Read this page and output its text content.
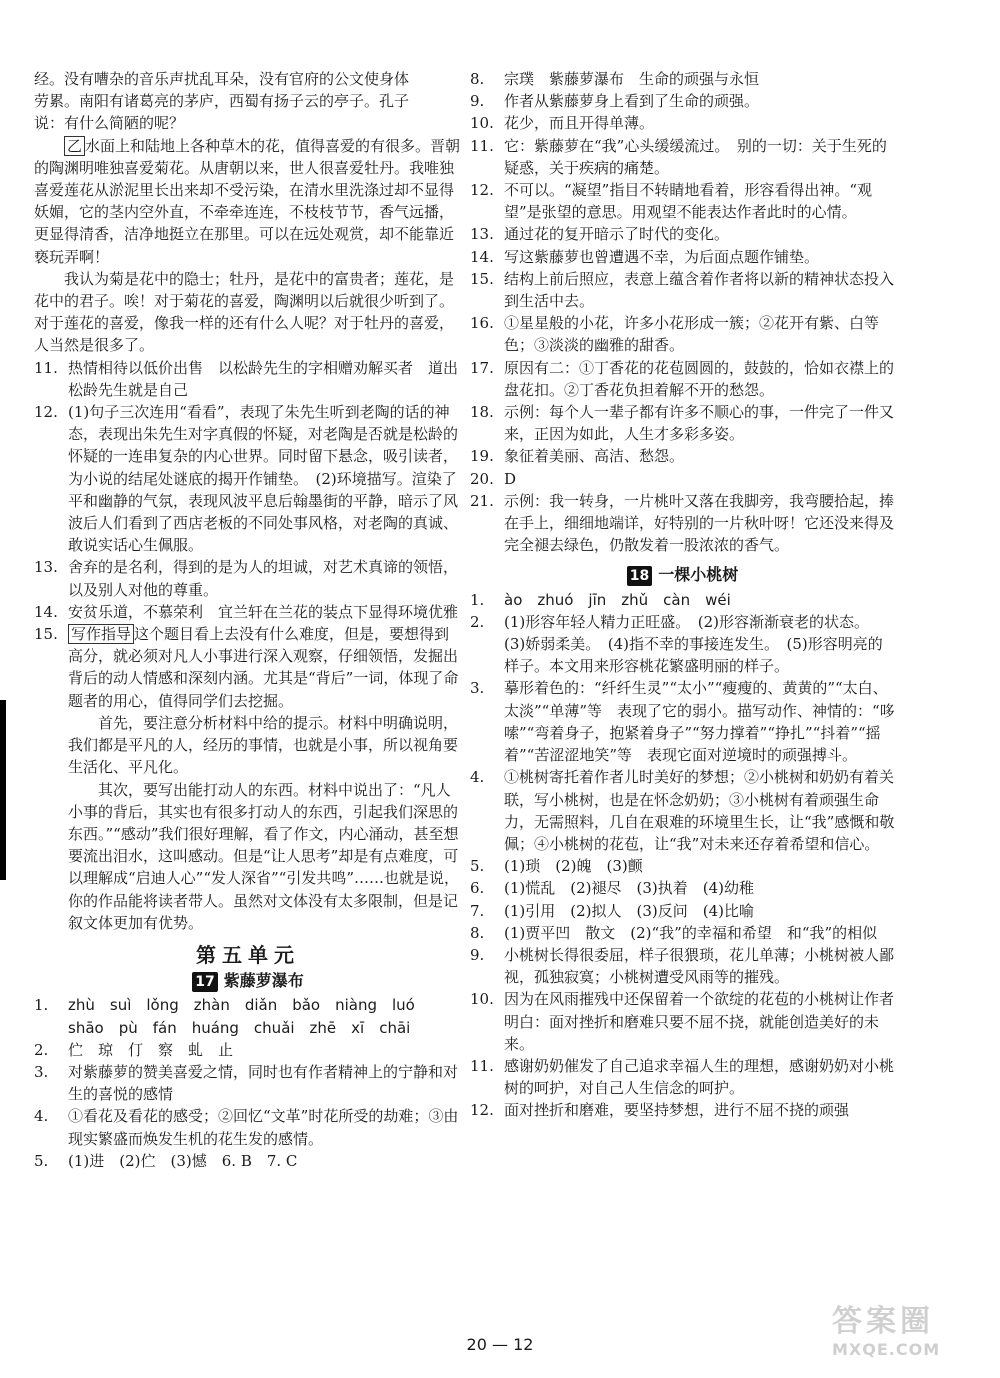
经。没有嘈杂的音乐声扰乱耳朵，没有官府的公文使身体

劳累。南阳有诸葛亮的茅庐，西蜀有扬子云的亭子。孔子

说：有什么简陋的呢？

乙 水面上和陆地上各种草木的花，值得喜爱的有很多。晋朝的陶渊明唯独喜爱菊花。从唐朝以来，世人很喜爱牡丹。我唯独喜爱莲花从淤泥里长出来却不受污染，在清水里洗涤过却不显得妖媚，它的茎内空外直，不牵牵连连，不枝枝节节，香气远播，更显得清香，洁净地挺立在那里。可以在远处观赏，却不能靠近亵玩弄啊！

我认为菊是花中的隐士；牡丹，是花中的富贵者；莲花，是花中的君子。唉！对于菊花的喜爱，陶渊明以后就很少听到了。对于莲花的喜爱，像我一样的还有什么人呢？对于牡丹的喜爱，人当然是很多了。

11. 热情相待以低价出售　以松龄先生的字相赠劝解买者　道出松龄先生就是自己
12. (1)句子三次连用“看看”，表现了朱先生听到老陶的话的神态，表现出朱先生对字真假的怀疑，对老陶是否就是松龄的怀疑的一连串复杂的内心世界。同时留下悬念，吸引读者，为小说的结尾处谜底的揭开作铺垫。　(2)环境描写。渲染了平和幽静的气氛，表现风波平息后翰墨街的平静，暗示了风波后人们看到了西店老板的不同处事风格，对老陶的真诚、敢说实话心生佩服。
13. 舍弃的是名利，得到的是为人的坦诚，对艺术真谛的领悟，以及别人对他的尊重。
14. 安贫乐道，不慕荣利　宜兰轩在兰花的装点下显得环境优雅
15. 写作指导 这个题目看上去没有什么难度，但是，要想得到高分，就必须对凡人小事进行深入观察，仔细领悟，发掘出背后的动人情感和深刻内涵。尤其是“背后”一词，体现了命题者的用心，值得同学们去挖掘。
首先，要注意分析材料中给的提示。材料中明确说明，我们都是平凡的人，经历的事情，也就是小事，所以视角要生活化、平凡化。
其次，要写出能打动人的东西。材料中说出了：“凡人小事的背后，其实也有很多打动人的东西，引起我们深思的东西。”“感动”我们很好理解，看了作文，内心涌动，甚至想要流出泪水，这叫感动。但是“让人思考”却是有点难度，可以理解成“启迪人心”“发人深省”“引发共鸣”……也就是说，你的作品能将读者带人。虽然对文体没有太多限制，但是记叙文体更加有优势。
第五单元
17 紫藤萝瀑布
1.	zhù　suì　lǒng　zhàn　diǎn　bǎo　niàng　luó
shāo　pù　fán　huáng　chuǎi　zhē　xī　chāi
2.	伫　琼　仃　察　虬　止
3.	对紫藤萝的赞美喜爱之情，同时也有作者精神上的宁静和对生的喜悦的感情
4.	①看花及看花的感受；②回忆“文革”时花所受的劫难；③由现实繁盛而焕发生机的花生发的感情。
5.	(1)进　(2)伫　(3)憾　6. B　7. C
8.	宗璞　紫藤萝瀑布　生命的顽强与永恒
9.	作者从紫藤萝身上看到了生命的顽强。
10. 花少，而且开得单薄。
11. 它：紫藤萝在“我”心头缓缓流过。　别的一切：关于生死的疑惑，关于疾病的痛楚。
12. 不可以。“凝望”指目不转睛地看着，形容看得出神。“观望”是张望的意思。用观望不能表达作者此时的心情。
13. 通过花的复开暗示了时代的变化。
14. 写这紫藤萝也曾遭遇不幸，为后面点题作铺垫。
15. 结构上前后照应，表意上蕴含着作者将以新的精神状态投入到生活中去。
16. ①星星般的小花，许多小花形成一簇；②花开有紫、白等色；③淡淡的幽雅的甜香。
17. 原因有二：①丁香花的花苞圆圆的，鼓鼓的，恰如衣襟上的盘花扣。②丁香花负担着解不开的愁怨。
18. 示例：每个人一辈子都有许多不顺心的事，一件完了一件又来，正因为如此，人生才多彩多姿。
19. 象征着美丽、高洁、愁怨。
20. D
21. 示例：我一转身，一片桃叶又落在我脚旁，我弯腰拾起，捧在手上，细细地端详，好特别的一片秋叶呀！它还没来得及完全褪去绿色，仍散发着一股浓浓的香气。
18 一棵小桃树
1.	ào　zhuó　jīn　zhǔ　càn　wéi
2.	(1)形容年轻人精力正旺盛。　(2)形容渐渐衰老的状态。　(3)娇弱柔美。　(4)指不幸的事接连发生。　(5)形容明亮的样子。本文用来形容桃花繁盛明丽的样子。
3.	摹形着色的：“纤纤生灵”“太小”“瘦瘦的、黄黄的”“太白、太淡”“单薄”等　表现了它的弱小。描写动作、神情的：“哆嗦”“弯着身子，抱紧着身子”“努力撑着”“挣扎”“抖着”“摇着”“苦涩涩地笑”等　表现它面对逆境时的顽强搏斗。
4.	①桃树寄托着作者儿时美好的梦想；②小桃树和奶奶有着关联，写小桃树，也是在怀念奶奶；③小桃树有着顽强生命力，无需照料，几自在艰难的环境里生长，让“我”感慨和敬佩；④小桃树的花苞，让“我”对未来还存着希望和信心。
5.	(1)琐　(2)魄　(3)颤
6.	(1)慌乱　(2)褪尽　(3)执着　(4)幼稚
7.	(1)引用　(2)拟人　(3)反问　(4)比喻
8.	(1)贾平凹　散文　(2)“我”的幸福和希望　和“我”的相似
9.	小桃树长得很委屈，样子很猥琐，花儿单薄；小桃树被人鄙视，孤独寂寞；小桃树遭受风雨等的摧残。
10. 因为在风雨摧残中还保留着一个欲绽的花苞的小桃树让作者明白：面对挫折和磨难只要不屈不挠，就能创造美好的未来。
11. 感谢奶奶催发了自己追求幸福人生的理想，感谢奶奶对小桃树的呵护，对自己人生信念的呵护。
12. 面对挫折和磨难，要坚持梦想，进行不屈不挠的顽强
20 — 12
答案圈
MXQE.COM
